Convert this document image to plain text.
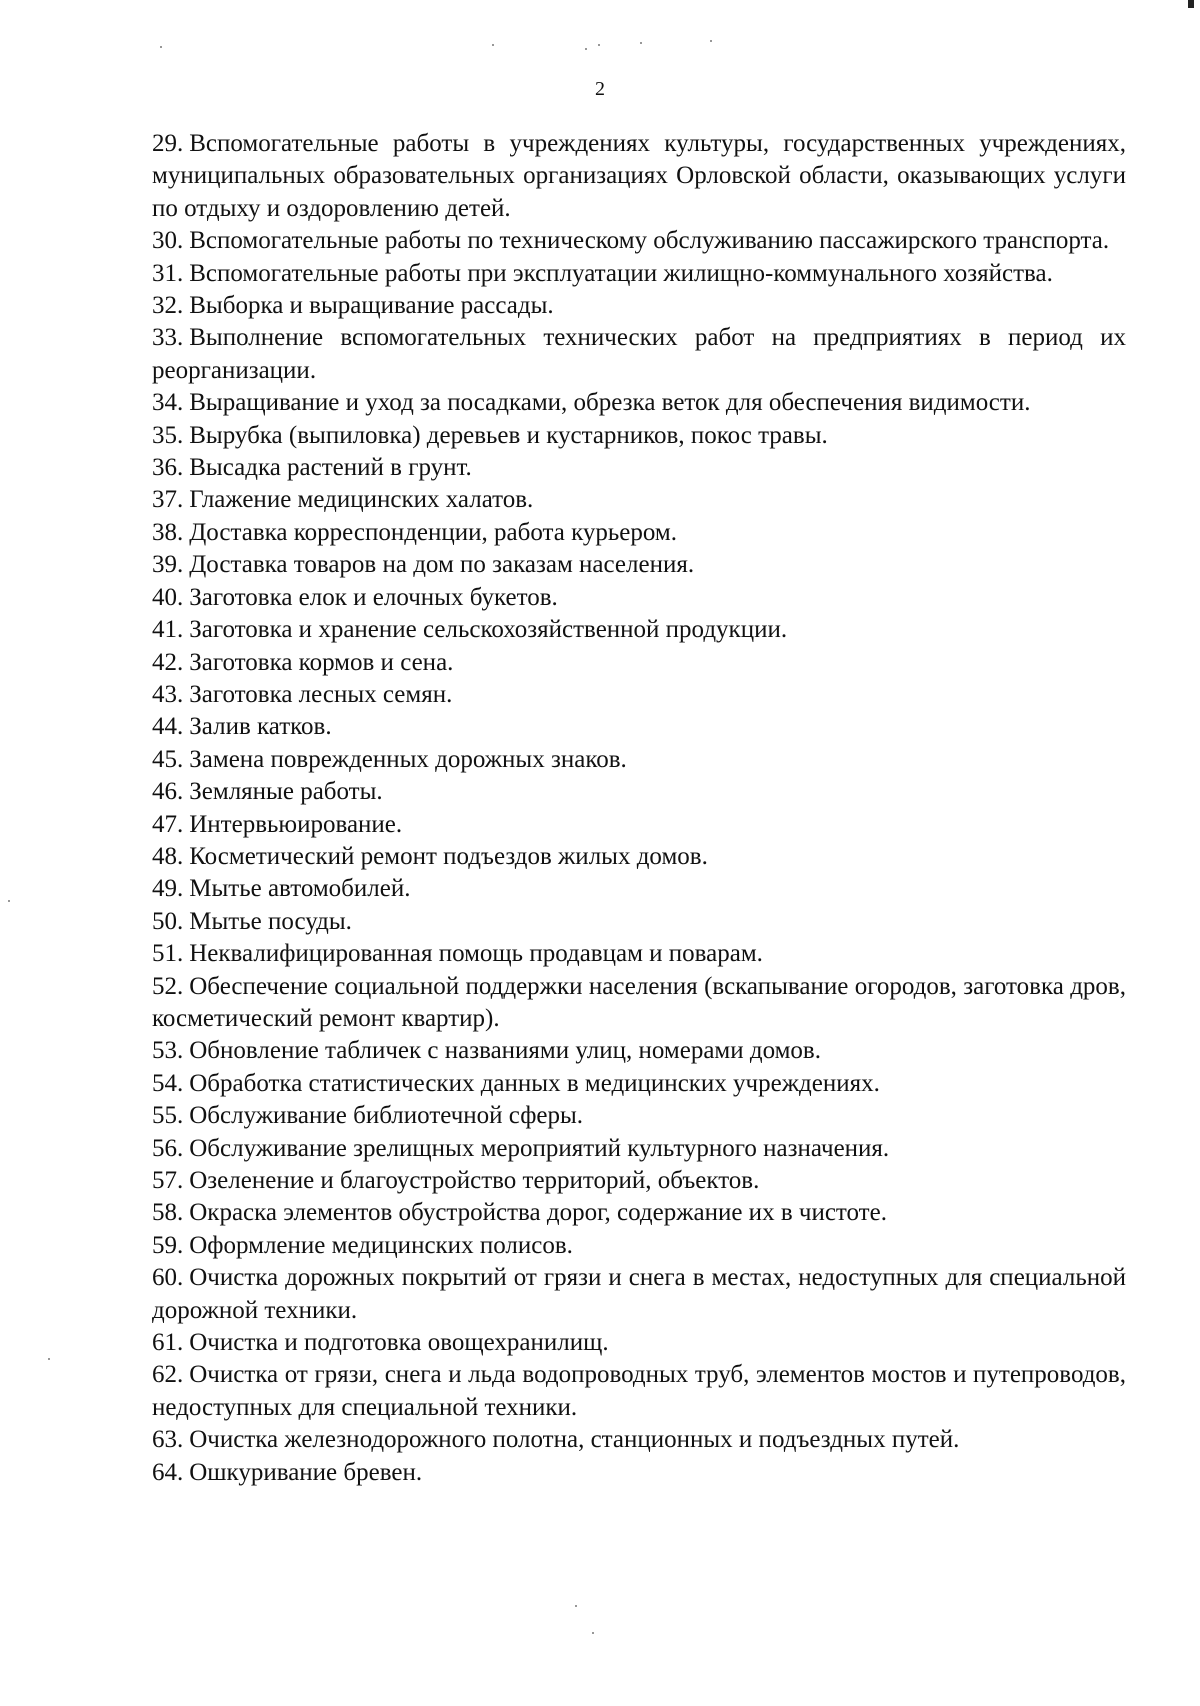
2
29. Вспомогательные работы в учреждениях культуры, государственных учреждениях, муниципальных образовательных организациях Орловской области, оказывающих услуги по отдыху и оздоровлению детей.
30. Вспомогательные работы по техническому обслуживанию пассажирского транспорта.
31. Вспомогательные работы при эксплуатации жилищно-коммунального хозяйства.
32. Выборка и выращивание рассады.
33. Выполнение вспомогательных технических работ на предприятиях в период их реорганизации.
34. Выращивание и уход за посадками, обрезка веток для обеспечения видимости.
35. Вырубка (выпиловка) деревьев и кустарников, покос травы.
36. Высадка растений в грунт.
37. Глажение медицинских халатов.
38. Доставка корреспонденции, работа курьером.
39. Доставка товаров на дом по заказам населения.
40. Заготовка елок и елочных букетов.
41. Заготовка и хранение сельскохозяйственной продукции.
42. Заготовка кормов и сена.
43. Заготовка лесных семян.
44. Залив катков.
45. Замена поврежденных дорожных знаков.
46. Земляные работы.
47. Интервьюирование.
48. Косметический ремонт подъездов жилых домов.
49. Мытье автомобилей.
50. Мытье посуды.
51. Неквалифицированная помощь продавцам и поварам.
52. Обеспечение социальной поддержки населения (вскапывание огородов, заготовка дров, косметический ремонт квартир).
53. Обновление табличек с названиями улиц, номерами домов.
54. Обработка статистических данных в медицинских учреждениях.
55. Обслуживание библиотечной сферы.
56. Обслуживание зрелищных мероприятий культурного назначения.
57. Озеленение и благоустройство территорий, объектов.
58. Окраска элементов обустройства дорог, содержание их в чистоте.
59. Оформление медицинских полисов.
60. Очистка дорожных покрытий от грязи и снега в местах, недоступных для специальной дорожной техники.
61. Очистка и подготовка овощехранилищ.
62. Очистка от грязи, снега и льда водопроводных труб, элементов мостов и путепроводов, недоступных для специальной техники.
63. Очистка железнодорожного полотна, станционных и подъездных путей.
64. Ошкуривание бревен.
